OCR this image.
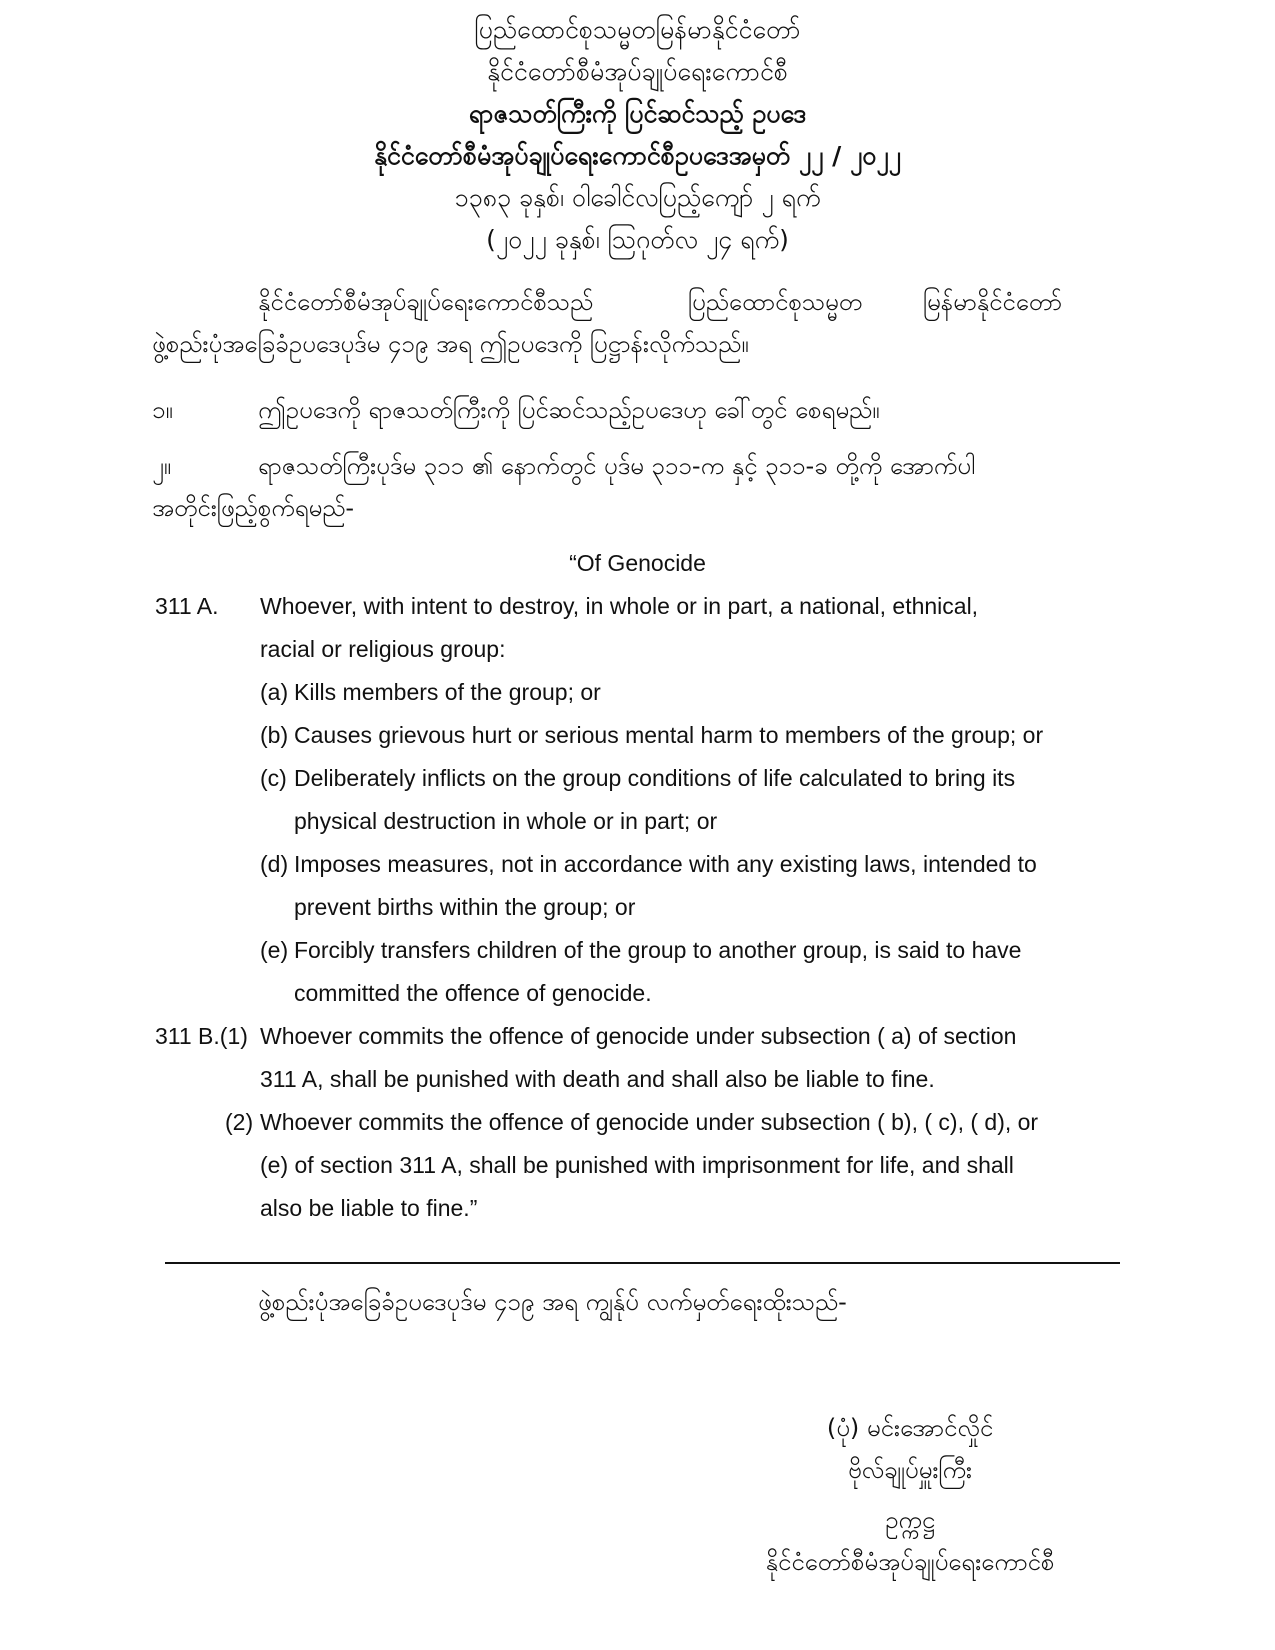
ပြည်ထောင်စုသမ္မတမြန်မာနိုင်ငံတော်
နိုင်ငံတော်စီမံအုပ်ချုပ်ရေးကောင်စီ
ရာဇသတ်ကြီးကို ပြင်ဆင်သည့် ဥပဒေ
နိုင်ငံတော်စီမံအုပ်ချုပ်ရေးကောင်စီဥပဒေအမှတ် ၂၂ / ၂၀၂၂
၁၃၈၃ ခုနှစ်၊ ဝါခေါင်လပြည့်ကျော် ၂ ရက်
(၂၀၂၂ ခုနှစ်၊ ဩဂုတ်လ ၂၄ ရက်)
နိုင်ငံတော်စီမံအုပ်ချုပ်ရေးကောင်စီသည်	ပြည်ထောင်စုသမ္မတ	မြန်မာနိုင်ငံတော်
ဖွဲ့စည်းပုံအခြေခံဥပဒေပုဒ်မ ၄၁၉ အရ ဤဥပဒေကို ပြဋ္ဌာန်းလိုက်သည်။
၁။	ဤဥပဒေကို ရာဇသတ်ကြီးကို ပြင်ဆင်သည့်ဥပဒေဟု ခေါ်တွင် စေရမည်။
၂။	ရာဇသတ်ကြီးပုဒ်မ ၃၁၁ ၏ နောက်တွင် ပုဒ်မ ၃၁၁-က နှင့် ၃၁၁-ခ တို့ကို အောက်ပါ
အတိုင်းဖြည့်စွက်ရမည်-
“Of Genocide
311 A. Whoever, with intent to destroy, in whole or in part, a national, ethnical,
racial or religious group:
(a) Kills members of the group; or
(b) Causes grievous hurt or serious mental harm to members of the group; or
(c) Deliberately inflicts on the group conditions of life calculated to bring its
physical destruction in whole or in part; or
(d) Imposes measures, not in accordance with any existing laws, intended to
prevent births within the group; or
(e) Forcibly transfers children of the group to another group, is said to have
committed the offence of genocide.
311 B.(1) Whoever commits the offence of genocide under subsection ( a) of section
311 A, shall be punished with death and shall also be liable to fine.
(2) Whoever commits the offence of genocide under subsection ( b), ( c), ( d), or
(e) of section 311 A, shall be punished with imprisonment for life, and shall
also be liable to fine.”
ဖွဲ့စည်းပုံအခြေခံဥပဒေပုဒ်မ ၄၁၉ အရ ကျွန်ုပ် လက်မှတ်ရေးထိုးသည်-
(ပုံ) မင်းအောင်လှိုင်
ဗိုလ်ချုပ်မှူးကြီး
ဥက္ကဋ္ဌ
နိုင်ငံတော်စီမံအုပ်ချုပ်ရေးကောင်စီ
